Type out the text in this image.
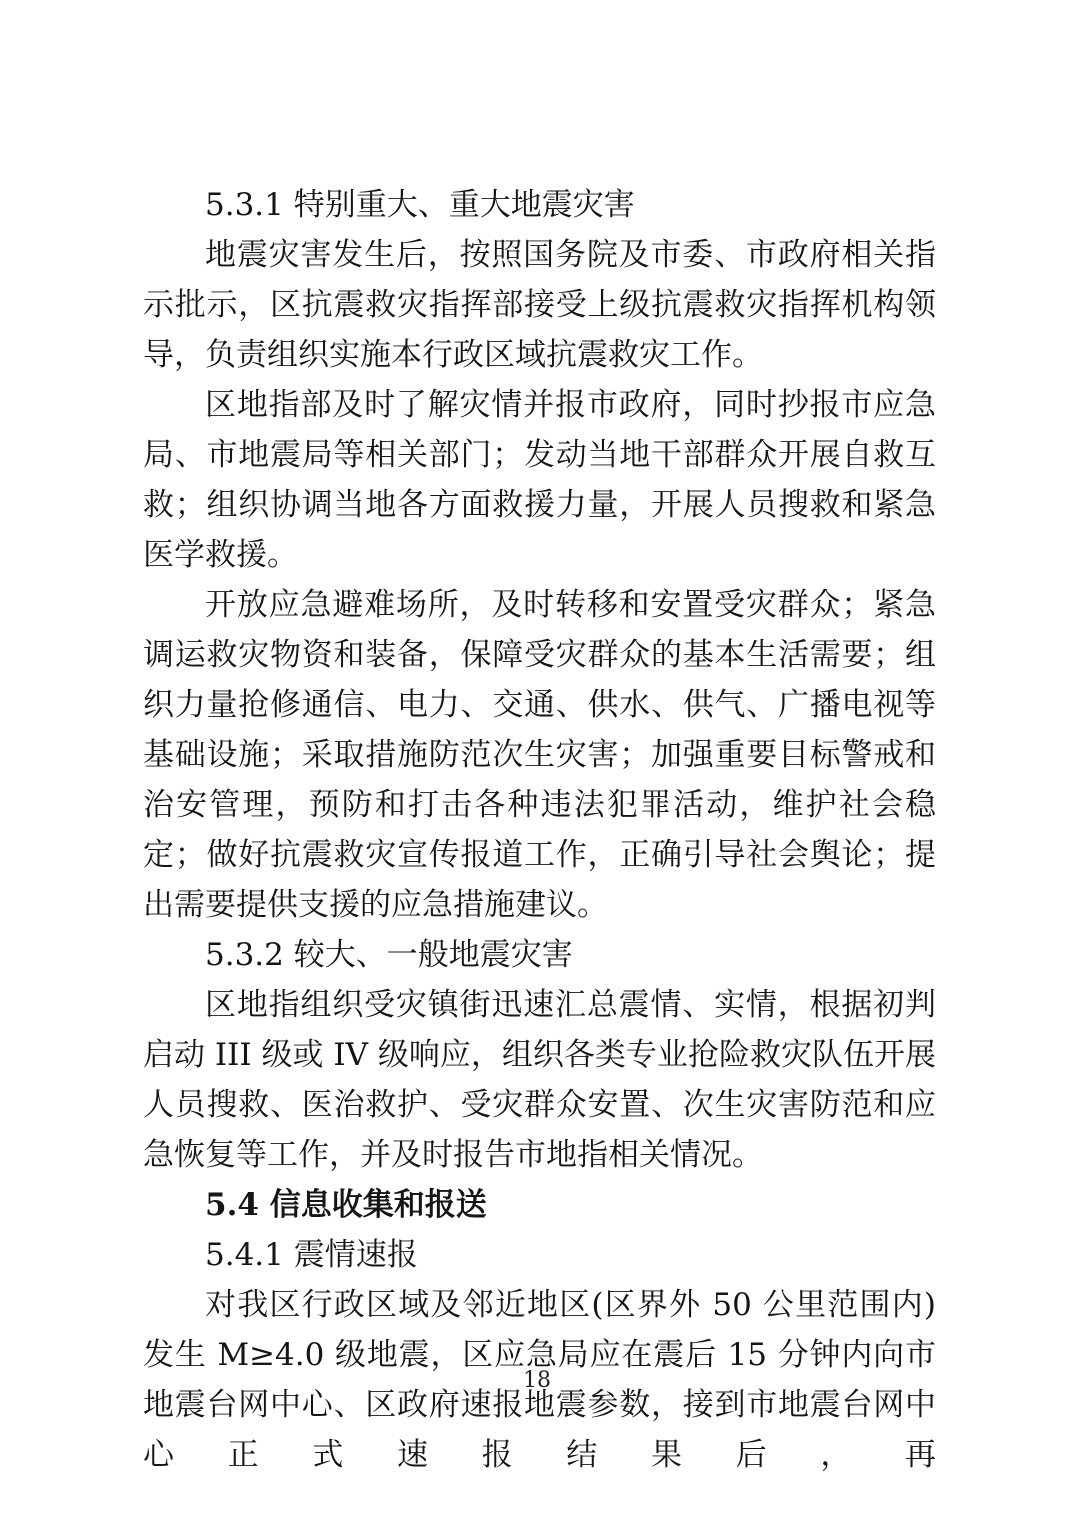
5.3.1 特别重大、重大地震灾害

地震灾害发生后，按照国务院及市委、市政府相关指示批示，区抗震救灾指挥部接受上级抗震救灾指挥机构领导，负责组织实施本行政区域抗震救灾工作。

区地指部及时了解灾情并报市政府，同时抄报市应急局、市地震局等相关部门；发动当地干部群众开展自救互救；组织协调当地各方面救援力量，开展人员搜救和紧急医学救援。

开放应急避难场所，及时转移和安置受灾群众；紧急调运救灾物资和装备，保障受灾群众的基本生活需要；组织力量抢修通信、电力、交通、供水、供气、广播电视等基础设施；采取措施防范次生灾害；加强重要目标警戒和治安管理，预防和打击各种违法犯罪活动，维护社会稳定；做好抗震救灾宣传报道工作，正确引导社会舆论；提出需要提供支援的应急措施建议。

5.3.2 较大、一般地震灾害

区地指组织受灾镇街迅速汇总震情、实情，根据初判启动 III 级或 IV 级响应，组织各类专业抢险救灾队伍开展人员搜救、医治救护、受灾群众安置、次生灾害防范和应急恢复等工作，并及时报告市地指相关情况。

5.4 信息收集和报送

5.4.1 震情速报

对我区行政区域及邻近地区(区界外 50 公里范围内)发生 M≥4.0 级地震，区应急局应在震后 15 分钟内向市地震台网中心、区政府速报地震参数，接到市地震台网中心正式速报结果后，再

18
